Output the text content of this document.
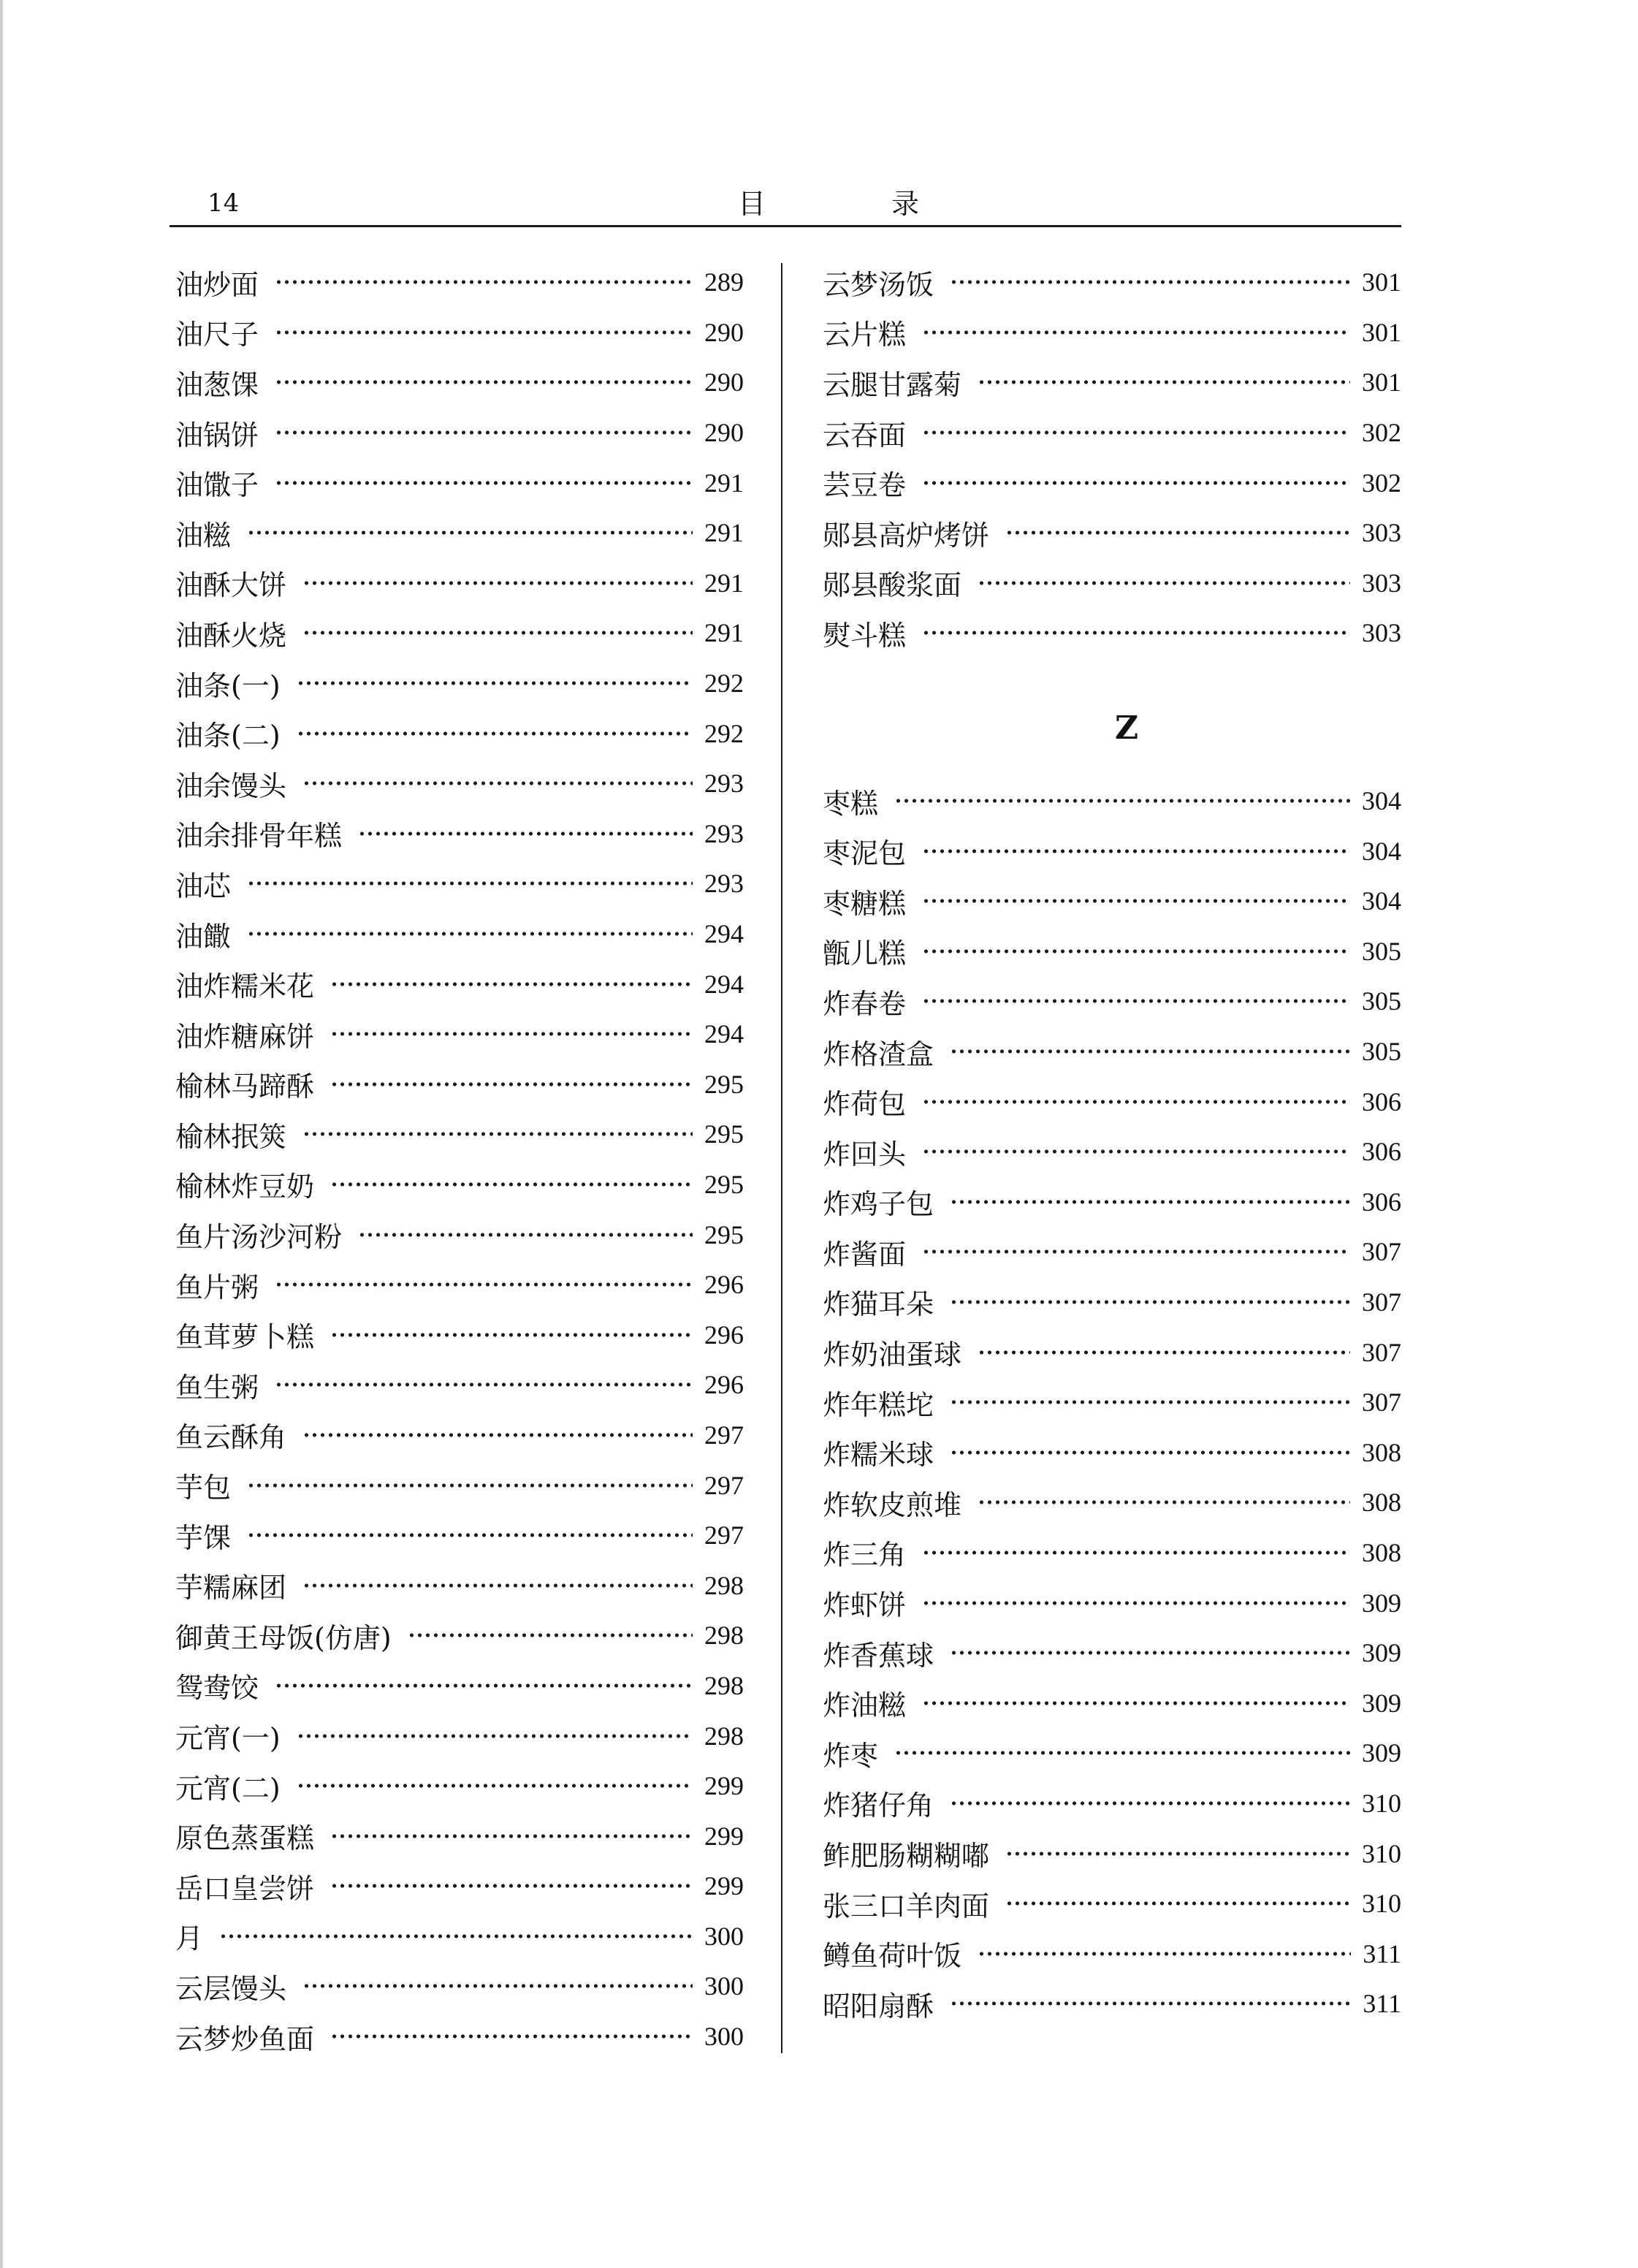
14	目 录
油炒面	289
油尺子	290
油葱馃	290
油锅饼	290
油馓子	291
油糍	291
油酥大饼	291
油酥火烧	291
油条(一)	292
油条(二)	292
油余馒头	293
油余排骨年糕	293
油芯	293
油饊	294
油炸糯米花	294
油炸糖麻饼	294
榆林马蹄酥	295
榆林抿筴	295
榆林炸豆奶	295
鱼片汤沙河粉	295
鱼片粥	296
鱼茸萝卜糕	296
鱼生粥	296
鱼云酥角	297
芋包	297
芋馃	297
芋糯麻团	298
御黄王母饭(仿唐)	298
鸳鸯饺	298
元宵(一)	298
元宵(二)	299
原色蒸蛋糕	299
岳口皇尝饼	299
月	300
云层馒头	300
云梦炒鱼面	300
云梦汤饭	301
云片糕	301
云腿甘露菊	301
云吞面	302
芸豆卷	302
郧县高炉烤饼	303
郧县酸浆面	303
熨斗糕	303
Z
枣糕	304
枣泥包	304
枣糖糕	304
甑儿糕	305
炸春卷	305
炸格渣盒	305
炸荷包	306
炸回头	306
炸鸡子包	306
炸酱面	307
炸猫耳朵	307
炸奶油蛋球	307
炸年糕坨	307
炸糯米球	308
炸软皮煎堆	308
炸三角	308
炸虾饼	309
炸香蕉球	309
炸油糍	309
炸枣	309
炸猪仔角	310
鲊肥肠糊糊嘟	310
张三口羊肉面	310
鳟鱼荷叶饭	311
昭阳扇酥	311
